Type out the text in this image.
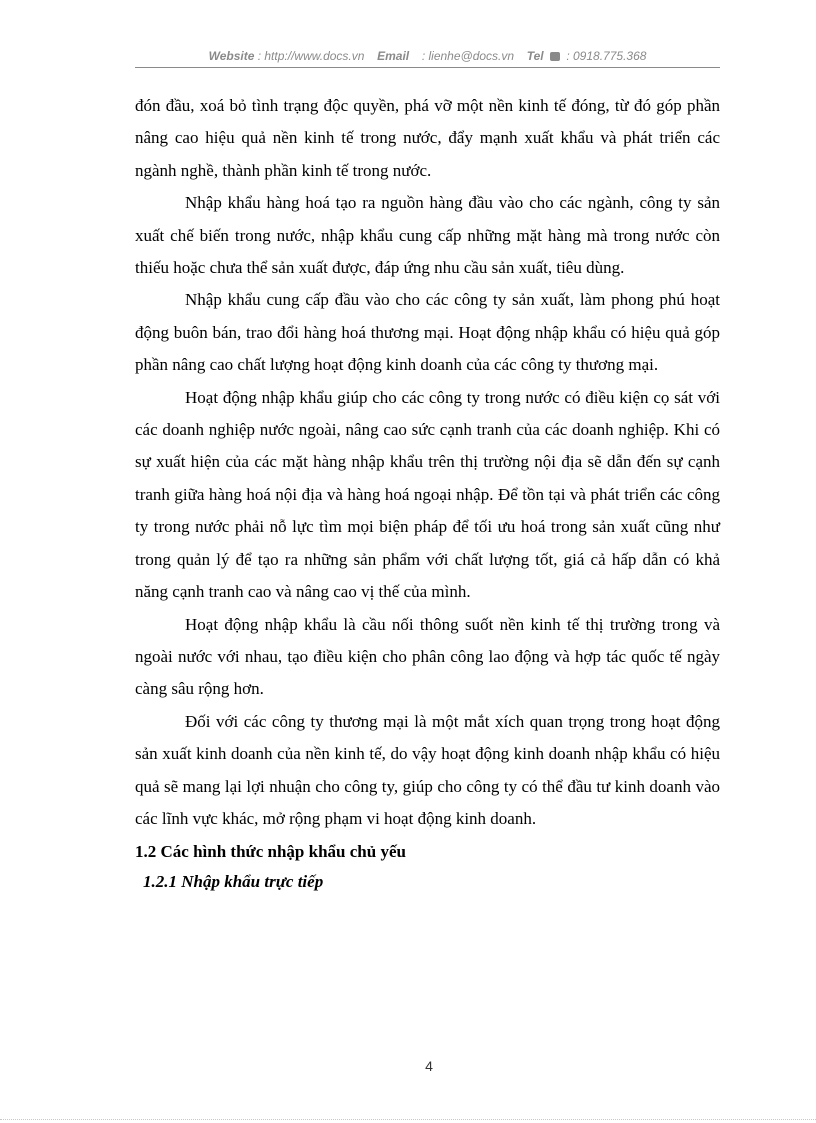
Website : http://www.docs.vn Email : lienhe@docs.vn Tel : 0918.775.368

đón đầu, xoá bỏ tình trạng độc quyền, phá vỡ một nền kinh tế đóng, từ đó góp phần nâng cao hiệu quả nền kinh tế trong nước, đẩy mạnh xuất khẩu và phát triển các ngành nghề, thành phần kinh tế trong nước.

Nhập khẩu hàng hoá tạo ra nguồn hàng đầu vào cho các ngành, công ty sản xuất chế biến trong nước, nhập khẩu cung cấp những mặt hàng mà trong nước còn thiếu hoặc chưa thể sản xuất được, đáp ứng nhu cầu sản xuất, tiêu dùng.

Nhập khẩu cung cấp đầu vào cho các công ty sản xuất, làm phong phú hoạt động buôn bán, trao đổi hàng hoá thương mại. Hoạt động nhập khẩu có hiệu quả góp phần nâng cao chất lượng hoạt động kinh doanh của các công ty thương mại.

Hoạt động nhập khẩu giúp cho các công ty trong nước có điều kiện cọ sát với các doanh nghiệp nước ngoài, nâng cao sức cạnh tranh của các doanh nghiệp. Khi có sự xuất hiện của các mặt hàng nhập khẩu trên thị trường nội địa sẽ dẫn đến sự cạnh tranh giữa hàng hoá nội địa và hàng hoá ngoại nhập. Để tồn tại và phát triển các công ty trong nước phải nỗ lực tìm mọi biện pháp để tối ưu hoá trong sản xuất cũng như trong quản lý để tạo ra những sản phẩm với chất lượng tốt, giá cả hấp dẫn có khả năng cạnh tranh cao và nâng cao vị thế của mình.

Hoạt động nhập khẩu là cầu nối thông suốt nền kinh tế thị trường trong và ngoài nước với nhau, tạo điều kiện cho phân công lao động và hợp tác quốc tế ngày càng sâu rộng hơn.

Đối với các công ty thương mại là một mắt xích quan trọng trong hoạt động sản xuất kinh doanh của nền kinh tế, do vậy hoạt động kinh doanh nhập khẩu có hiệu quả sẽ mang lại lợi nhuận cho công ty, giúp cho công ty có thể đầu tư kinh doanh vào các lĩnh vực khác, mở rộng phạm vi hoạt động kinh doanh.

1.2 Các hình thức nhập khẩu chủ yếu
1.2.1 Nhập khẩu trực tiếp
4
